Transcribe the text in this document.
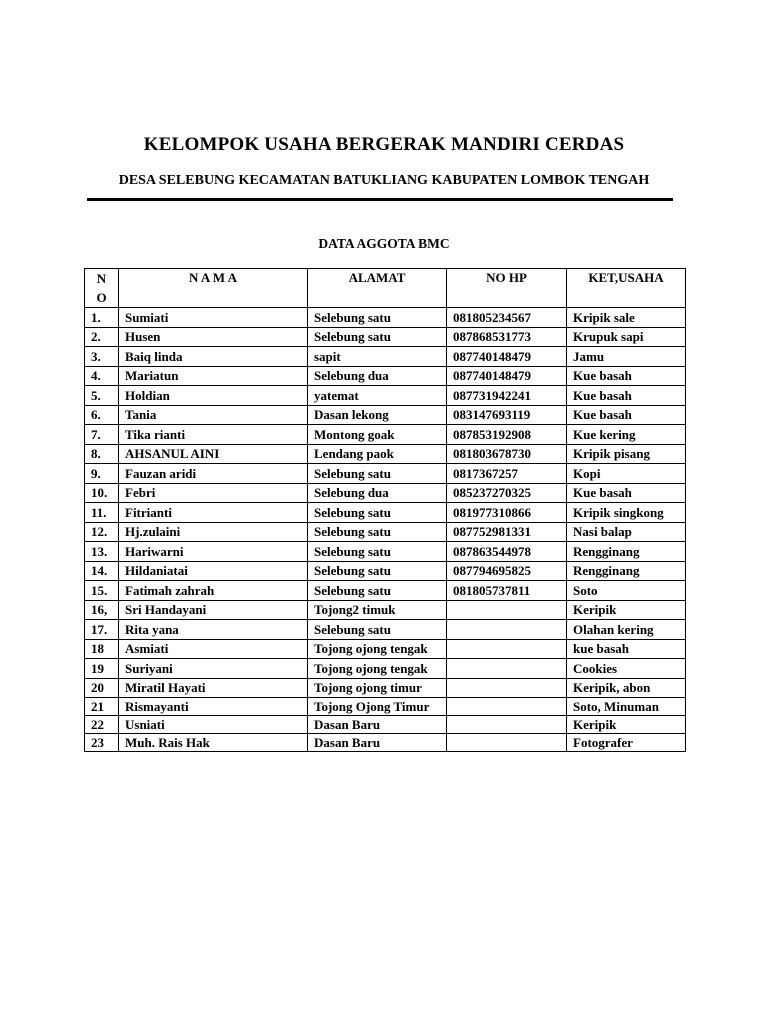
KELOMPOK USAHA BERGERAK MANDIRI CERDAS
DESA SELEBUNG KECAMATAN BATUKLIANG KABUPATEN LOMBOK TENGAH
DATA AGGOTA BMC
N
O	N A M A	ALAMAT	NO HP	KET,USAHA
1.	Sumiati	Selebung satu	081805234567	Kripik sale
2.	Husen	Selebung satu	087868531773	Krupuk sapi
3.	Baiq linda	sapit	087740148479	Jamu
4.	Mariatun	Selebung dua	087740148479	Kue basah
5.	Holdian	yatemat	087731942241	Kue basah
6.	Tania	Dasan lekong	083147693119	Kue basah
7.	Tika rianti	Montong goak	087853192908	Kue kering
8.	AHSANUL AINI	Lendang paok	081803678730	Kripik pisang
9.	Fauzan aridi	Selebung satu	0817367257	Kopi
10.	Febri	Selebung dua	085237270325	Kue basah
11.	Fitrianti	Selebung satu	081977310866	Kripik singkong
12.	Hj.zulaini	Selebung satu	087752981331	Nasi balap
13.	Hariwarni	Selebung satu	087863544978	Rengginang
14.	Hildaniatai	Selebung satu	087794695825	Rengginang
15.	Fatimah zahrah	Selebung satu	081805737811	Soto
16,	Sri Handayani	Tojong2 timuk		Keripik
17.	Rita yana	Selebung satu		Olahan kering
18	Asmiati	Tojong ojong tengak		kue basah
19	Suriyani	Tojong ojong tengak		Cookies
20	Miratil Hayati	Tojong ojong timur		Keripik, abon
21	Rismayanti	Tojong Ojong Timur		Soto, Minuman
22	Usniati	Dasan Baru		Keripik
23	Muh. Rais Hak	Dasan Baru		Fotografer
